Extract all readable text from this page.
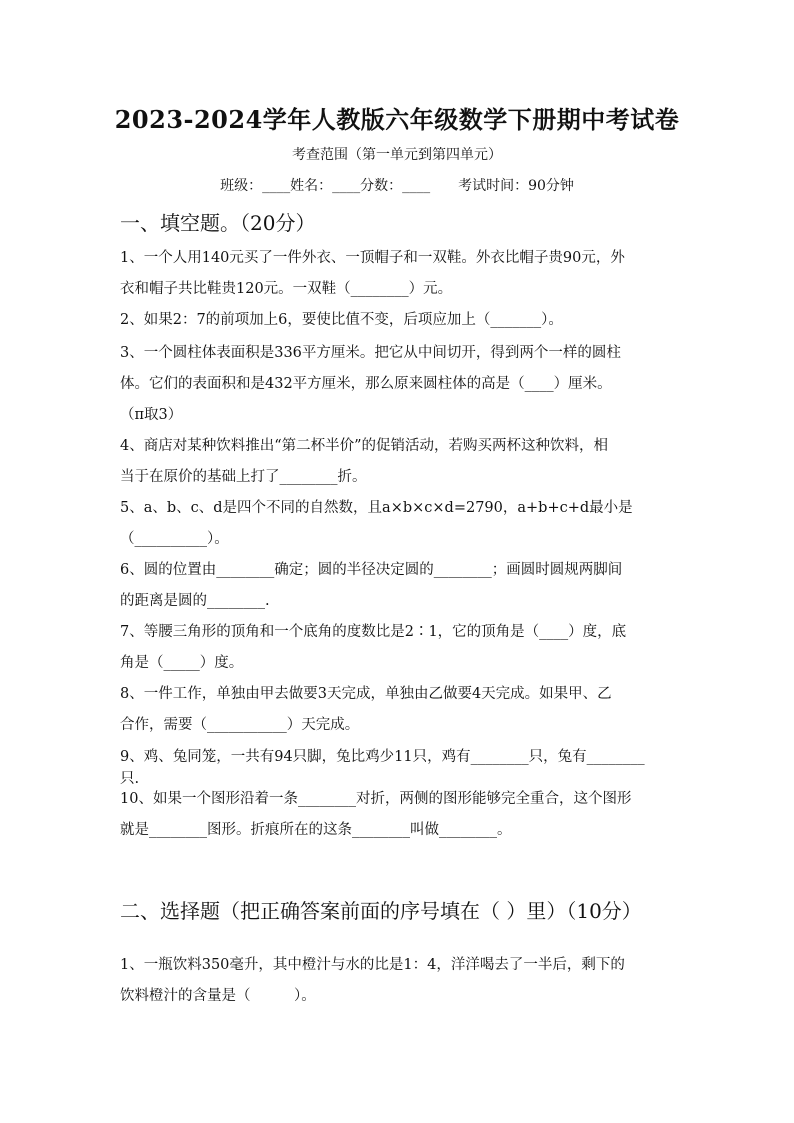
2023-2024学年人教版六年级数学下册期中考试卷
考查范围（第一单元到第四单元）
班级：____姓名：____分数：____　　考试时间：90分钟
一、填空题。（20分）
1、一个人用140元买了一件外衣、一顶帽子和一双鞋。外衣比帽子贵90元，外
衣和帽子共比鞋贵120元。一双鞋（________）元。
2、如果2：7的前项加上6，要使比值不变，后项应加上（_______）。
3、一个圆柱体表面积是336平方厘米。把它从中间切开，得到两个一样的圆柱
体。它们的表面积和是432平方厘米，那么原来圆柱体的高是（____）厘米。
（π取3）
4、商店对某种饮料推出“第二杯半价”的促销活动，若购买两杯这种饮料，相
当于在原价的基础上打了________折。
5、a、b、c、d是四个不同的自然数，且a×b×c×d=2790，a+b+c+d最小是
（__________）。
6、圆的位置由________确定；圆的半径决定圆的________；画圆时圆规两脚间
的距离是圆的________.
7、等腰三角形的顶角和一个底角的度数比是2∶1，它的顶角是（____）度，底
角是（_____）度。
8、一件工作，单独由甲去做要3天完成，单独由乙做要4天完成。如果甲、乙
合作，需要（___________）天完成。
9、鸡、兔同笼，一共有94只脚，兔比鸡少11只，鸡有________只，兔有________
只.
10、如果一个图形沿着一条________对折，两侧的图形能够完全重合，这个图形
就是________图形。折痕所在的这条________叫做________。
二、选择题（把正确答案前面的序号填在（ ）里）（10分）
1、一瓶饮料350毫升，其中橙汁与水的比是1：4，洋洋喝去了一半后，剩下的
饮料橙汁的含量是（　　　）。
